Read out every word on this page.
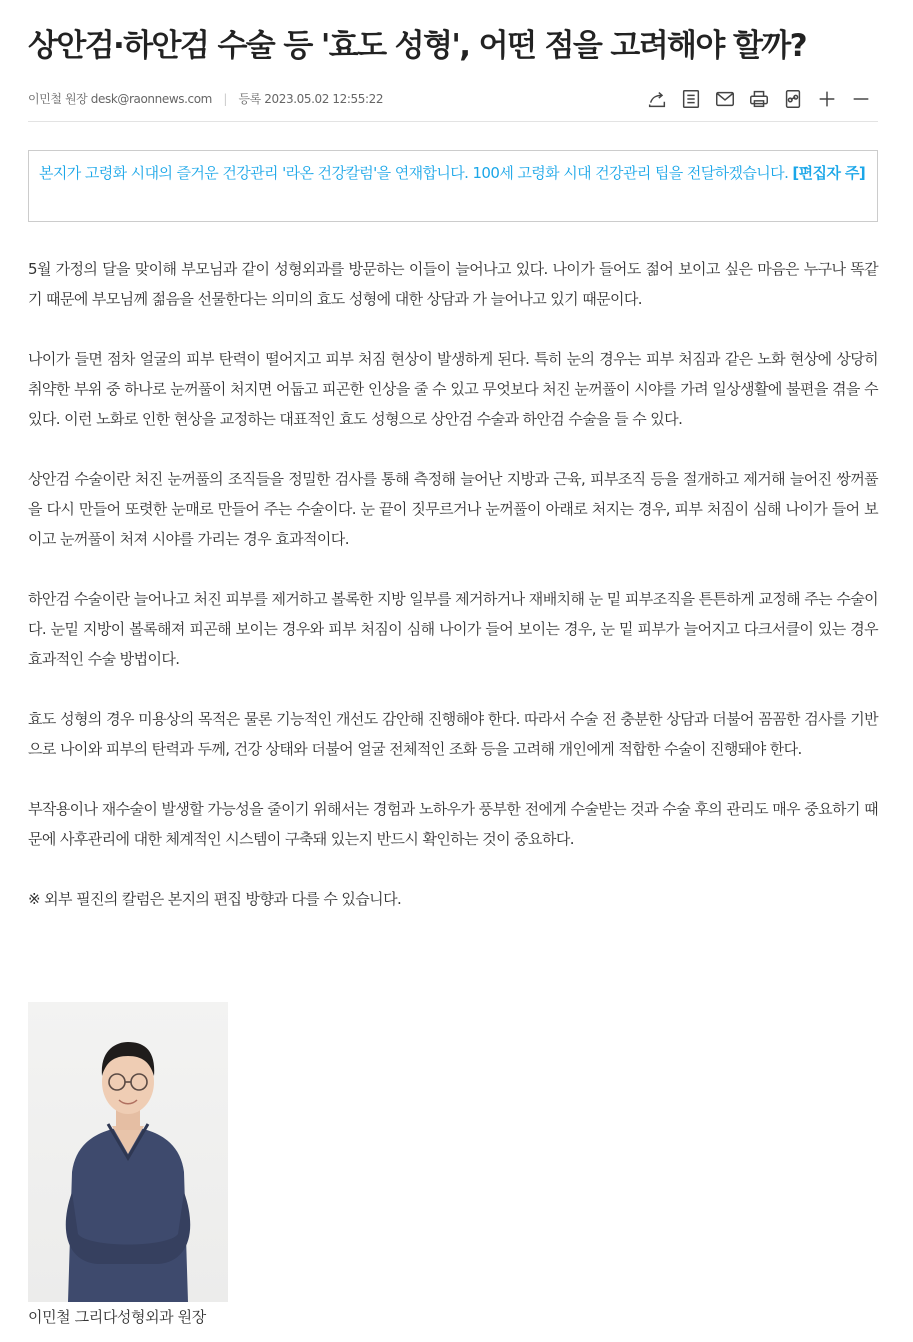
상안검·하안검 수술 등 '효도 성형', 어떤 점을 고려해야 할까?
이민철 원장 desk@raonnews.com | 등록 2023.05.02 12:55:22
본지가 고령화 시대의 즐거운 건강관리 '라온 건강칼럼'을 연재합니다. 100세 고령화 시대 건강관리 팁을 전달하겠습니다. [편집자 주]

5월 가정의 달을 맞이해 부모님과 같이 성형외과를 방문하는 이들이 늘어나고 있다. 나이가 들어도 젊어 보이고 싶은 마음은 누구나 똑같기 때문에 부모님께 젊음을 선물한다는 의미의 효도 성형에 대한 상담과 가 늘어나고 있기 때문이다.

나이가 들면 점차 얼굴의 피부 탄력이 떨어지고 피부 처짐 현상이 발생하게 된다. 특히 눈의 경우는 피부 처짐과 같은 노화 현상에 상당히 취약한 부위 중 하나로 눈꺼풀이 처지면 어둡고 피곤한 인상을 줄 수 있고 무엇보다 처진 눈꺼풀이 시야를 가려 일상생활에 불편을 겪을 수 있다. 이런 노화로 인한 현상을 교정하는 대표적인 효도 성형으로 상안검 수술과 하안검 수술을 들 수 있다.

상안검 수술이란 처진 눈꺼풀의 조직들을 정밀한 검사를 통해 측정해 늘어난 지방과 근육, 피부조직 등을 절개하고 제거해 늘어진 쌍꺼풀을 다시 만들어 또렷한 눈매로 만들어 주는 수술이다. 눈 끝이 짓무르거나 눈꺼풀이 아래로 처지는 경우, 피부 처짐이 심해 나이가 들어 보이고 눈꺼풀이 처져 시야를 가리는 경우 효과적이다.

하안검 수술이란 늘어나고 처진 피부를 제거하고 볼록한 지방 일부를 제거하거나 재배치해 눈 밑 피부조직을 튼튼하게 교정해 주는 수술이다. 눈밑 지방이 볼록해져 피곤해 보이는 경우와 피부 처짐이 심해 나이가 들어 보이는 경우, 눈 밑 피부가 늘어지고 다크서클이 있는 경우 효과적인 수술 방법이다.

효도 성형의 경우 미용상의 목적은 물론 기능적인 개선도 감안해 진행해야 한다. 따라서 수술 전 충분한 상담과 더불어 꼼꼼한 검사를 기반으로 나이와 피부의 탄력과 두께, 건강 상태와 더불어 얼굴 전체적인 조화 등을 고려해 개인에게 적합한 수술이 진행돼야 한다.

부작용이나 재수술이 발생할 가능성을 줄이기 위해서는 경험과 노하우가 풍부한 전에게 수술받는 것과 수술 후의 관리도 매우 중요하기 때문에 사후관리에 대한 체계적인 시스템이 구축돼 있는지 반드시 확인하는 것이 중요하다.

※ 외부 필진의 칼럼은 본지의 편집 방향과 다를 수 있습니다.

이민철 그리다성형외과 원장
